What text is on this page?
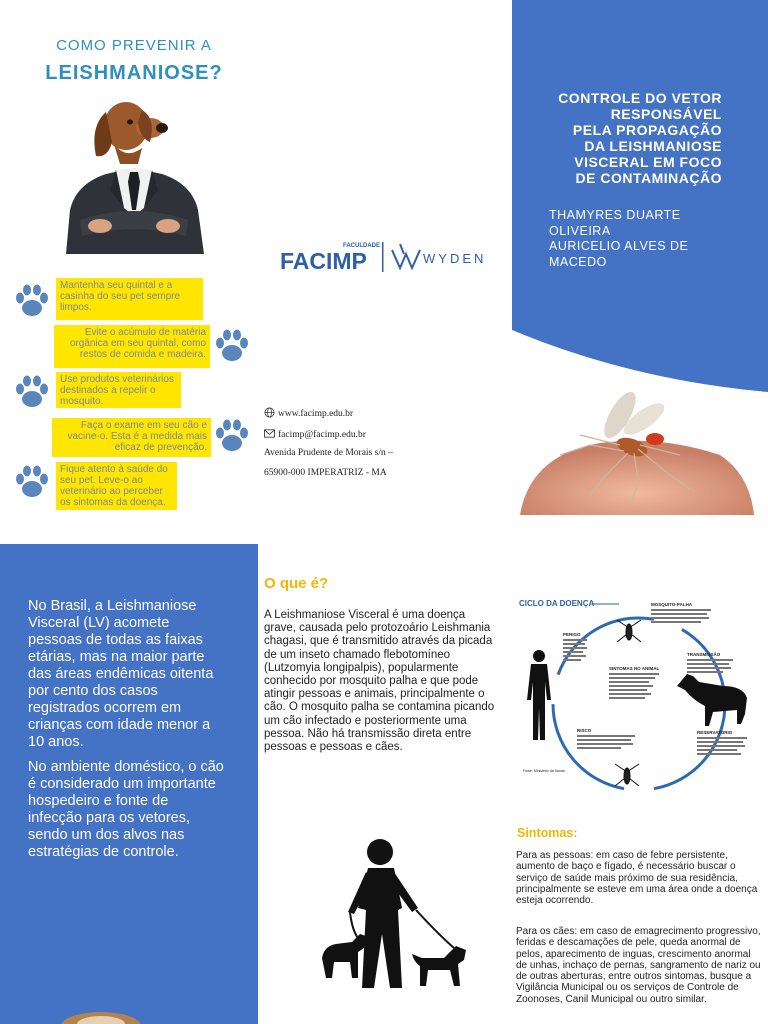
COMO PREVENIR A
LEISHMANIOSE?
Mantenha seu quintal e a casinha do seu pet sempre limpos.
Evite o acúmulo de matéria orgânica em seu quintal, como restos de comida e madeira.
Use produtos veterinários destinados a repelir o mosquito.
Faça o exame em seu cão e vacine-o. Esta é a medida mais eficaz de prevenção.
Fique atento à saúde do seu pet. Leve-o ao veterinário ao perceber os sintomas da doença.
CONTROLE DO VETOR
RESPONSÁVEL
PELA PROPAGAÇÃO
DA LEISHMANIOSE
VISCERAL EM FOCO
DE CONTAMINAÇÃO
THAMYRES DUARTE
OLIVEIRA
AURICELIO ALVES DE
MACEDO
FACULDADE
FACIMP	WYDEN
www.facimp.edu.br
facimp@facimp.edu.br
Avenida Prudente de Morais s/n –
65900-000 IMPERATRIZ - MA

No Brasil, a Leishmaniose Visceral (LV) acomete pessoas de todas as faixas etárias, mas na maior parte das áreas endêmicas oitenta por cento dos casos registrados ocorrem em crianças com idade menor a 10 anos.

No ambiente doméstico, o cão é considerado um importante hospedeiro e fonte de infecção para os vetores, sendo um dos alvos nas estratégias de controle.

O que é?
A Leishmaniose Visceral é uma doença grave, causada pelo protozoário Leishmania chagasi, que é transmitido através da picada de um inseto chamado flebotomíneo (Lutzomyia longipalpis), popularmente conhecido por mosquito palha e que pode atingir pessoas e animais, principalmente o cão. O mosquito palha se contamina picando um cão infectado e posteriormente uma pessoa. Não há transmissão direta entre pessoas e pessoas e cães.
CICLO DA DOENÇA	MOSQUITO-PALHA
PERIGO
SINTOMAS NO ANIMAL
TRANSMISSÃO
RESERVATÓRIO
RISCO
Fonte: Ministério da Saúde
Sintomas:
Para as pessoas: em caso de febre persistente, aumento de baço e fígado, é necessário buscar o serviço de saúde mais próximo de sua residência, principalmente se esteve em uma área onde a doença esteja ocorrendo.
Para os cães: em caso de emagrecimento progressivo, feridas e descamações de pele, queda anormal de pelos, aparecimento de inguas, crescimento anormal de unhas, inchaço de pernas, sangramento de nariz ou de outras aberturas, entre outros sintomas, busque a Vigilância Municipal ou os serviços de Controle de Zoonoses, Canil Municipal ou outro similar.
